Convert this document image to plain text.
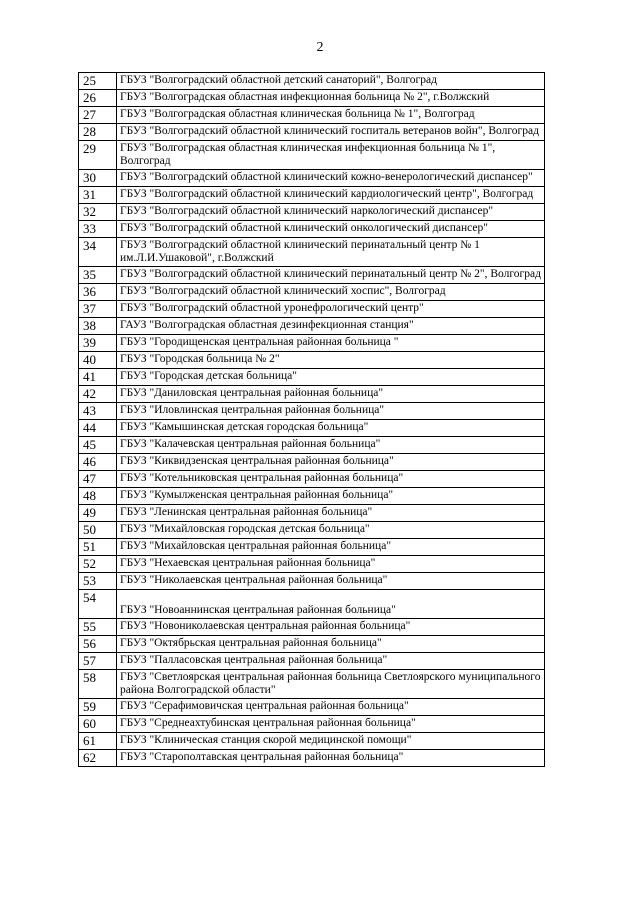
2
25	ГБУЗ "Волгоградский областной детский санаторий", Волгоград
26	ГБУЗ "Волгоградская областная инфекционная больница № 2", г.Волжский
27	ГБУЗ "Волгоградская областная клиническая больница № 1", Волгоград
28	ГБУЗ "Волгоградский областной клинический госпиталь ветеранов войн", Волгоград
29	ГБУЗ "Волгоградская областная клиническая инфекционная больница № 1", Волгоград
30	ГБУЗ "Волгоградский областной клинический кожно-венерологический диспансер"
31	ГБУЗ "Волгоградский областной клинический кардиологический центр", Волгоград
32	ГБУЗ "Волгоградский областной клинический наркологический диспансер"
33	ГБУЗ "Волгоградский областной клинический онкологический диспансер"
34	ГБУЗ "Волгоградский областной клинический перинатальный центр № 1 им.Л.И.Ушаковой", г.Волжский
35	ГБУЗ "Волгоградский областной клинический перинатальный центр № 2", Волгоград
36	ГБУЗ "Волгоградский областной клинический хоспис", Волгоград
37	ГБУЗ "Волгоградский областной уронефрологический центр"
38	ГАУЗ "Волгоградская областная дезинфекционная станция"
39	ГБУЗ "Городищенская центральная районная больница "
40	ГБУЗ "Городская больница № 2"
41	ГБУЗ "Городская детская больница"
42	ГБУЗ "Даниловская центральная районная больница"
43	ГБУЗ "Иловлинская центральная районная больница"
44	ГБУЗ "Камышинская детская городская больница"
45	ГБУЗ "Калачевская центральная районная больница"
46	ГБУЗ "Киквидзенская центральная районная больница"
47	ГБУЗ "Котельниковская центральная районная больница"
48	ГБУЗ "Кумылженская центральная районная больница"
49	ГБУЗ "Ленинская центральная районная больница"
50	ГБУЗ "Михайловская городская детская больница"
51	ГБУЗ "Михайловская центральная районная больница"
52	ГБУЗ "Нехаевская центральная районная больница"
53	ГБУЗ "Николаевская центральная районная больница"
54	ГБУЗ "Новоаннинская центральная районная больница"
55	ГБУЗ "Новониколаевская центральная районная больница"
56	ГБУЗ "Октябрьская центральная районная больница"
57	ГБУЗ "Палласовская центральная районная больница"
58	ГБУЗ "Светлоярская центральная районная больница Светлоярского муниципального района Волгоградской области"
59	ГБУЗ "Серафимовичская центральная районная больница"
60	ГБУЗ "Среднеахтубинская центральная районная больница"
61	ГБУЗ "Клиническая станция скорой медицинской помощи"
62	ГБУЗ "Старополтавская центральная районная больница"
